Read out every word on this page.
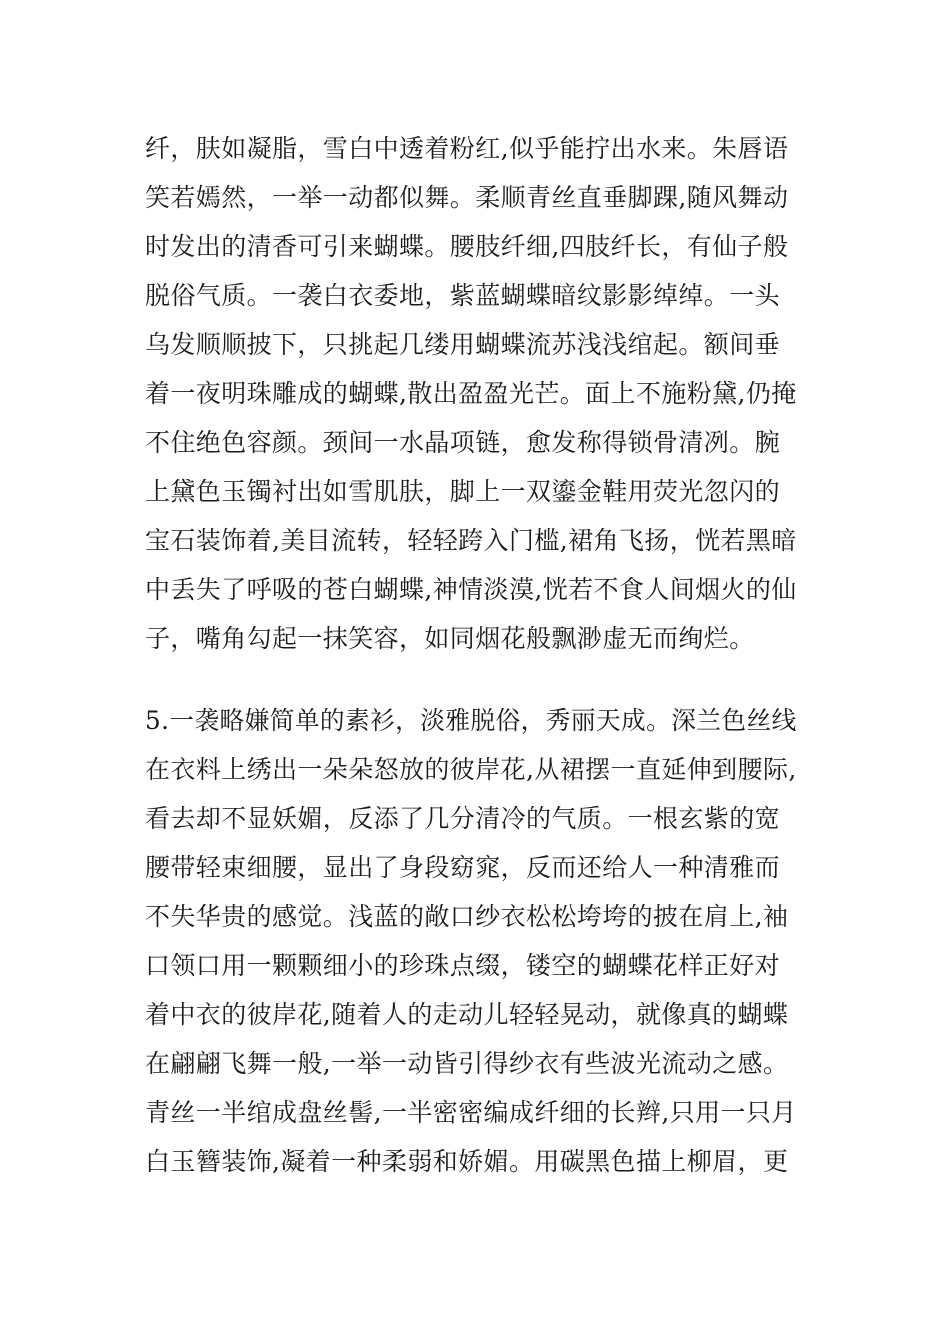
纤，肤如凝脂，雪白中透着粉红,似乎能拧出水来。朱唇语
笑若嫣然，一举一动都似舞。柔顺青丝直垂脚踝,随风舞动
时发出的清香可引来蝴蝶。腰肢纤细,四肢纤长，有仙子般
脱俗气质。一袭白衣委地，紫蓝蝴蝶暗纹影影绰绰。一头
乌发顺顺披下，只挑起几缕用蝴蝶流苏浅浅绾起。额间垂
着一夜明珠雕成的蝴蝶,散出盈盈光芒。面上不施粉黛,仍掩
不住绝色容颜。颈间一水晶项链，愈发称得锁骨清冽。腕
上黛色玉镯衬出如雪肌肤，脚上一双鎏金鞋用荧光忽闪的
宝石装饰着,美目流转，轻轻跨入门槛,裙角飞扬，恍若黑暗
中丢失了呼吸的苍白蝴蝶,神情淡漠,恍若不食人间烟火的仙
子，嘴角勾起一抹笑容，如同烟花般飘渺虚无而绚烂。
5.一袭略嫌简单的素衫，淡雅脱俗，秀丽天成。深兰色丝线
在衣料上绣出一朵朵怒放的彼岸花,从裙摆一直延伸到腰际,
看去却不显妖媚，反添了几分清冷的气质。一根玄紫的宽
腰带轻束细腰，显出了身段窈窕，反而还给人一种清雅而
不失华贵的感觉。浅蓝的敞口纱衣松松垮垮的披在肩上,袖
口领口用一颗颗细小的珍珠点缀，镂空的蝴蝶花样正好对
着中衣的彼岸花,随着人的走动儿轻轻晃动，就像真的蝴蝶
在翩翩飞舞一般,一举一动皆引得纱衣有些波光流动之感。
青丝一半绾成盘丝髻,一半密密编成纤细的长辫,只用一只月
白玉簪装饰,凝着一种柔弱和娇媚。用碳黑色描上柳眉，更
